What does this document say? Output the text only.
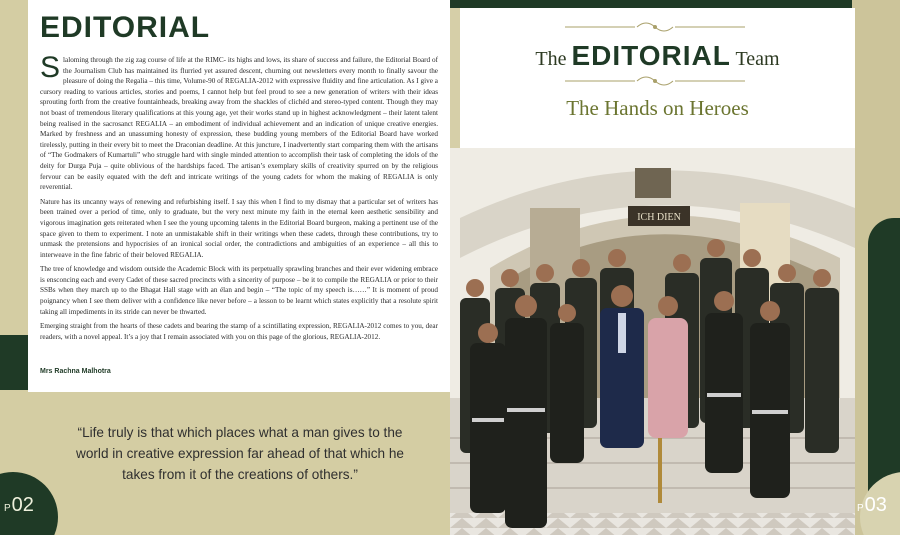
EDITORIAL

Slaloming through the zig zag course of life at the RIMC- its highs and lows, its share of success and failure, the Editorial Board of the Journalism Club has maintained its flurried yet assured descent, churning out newsletters every month to finally savour the pleasure of doing the Regalia – this time, Volume-90 of REGALIA-2012 with expressive fluidity and fine articulation. As I give a cursory reading to various articles, stories and poems, I cannot help but feel proud to see a new generation of writers with their ideas sprouting forth from the creative fountainheads, breaking away from the shackles of clichéd and stereo-typed content. Though they may not boast of tremendous literary qualifications at this young age, yet their works stand up in highest acknowledgment – their latent talent being realised in the sacrosanct REGALIA – an embodiment of individual achievement and an indication of unique creative energies. Marked by freshness and an unassuming honesty of expression, these budding young members of the Editorial Board have worked tirelessly, putting in their every bit to meet the Draconian deadline. At this juncture, I inadvertently start comparing them with the artisans of “The Godmakers of Kumartuli” who struggle hard with single minded attention to accomplish their task of completing the idols of the deity for Durga Puja – quite oblivious of the hardships faced. The artisan’s exemplary skills of creativity spurred on by the religious fervour can be easily equated with the deft and intricate writings of the young cadets for whom the making of REGALIA is only reverential.

Nature has its uncanny ways of renewing and refurbishing itself. I say this when I find to my dismay that a particular set of writers has been trained over a period of time, only to graduate, but the very next minute my faith in the eternal keen aesthetic sensibility and vigorous imagination gets reiterated when I see the young upcoming talents in the Editorial Board burgeon, making a pertinent use of the space given to them to experiment. I note an unmistakable shift in their writings when these cadets, through these contributions, try to unmask the pretensions and hypocrisies of an ironical social order, the contradictions and ambiguities of an experience – all this to interweave in the fine fabric of their beloved REGALIA.

The tree of knowledge and wisdom outside the Academic Block with its perpetually sprawling branches and their ever widening embrace is ensconcing each and every Cadet of these sacred precincts with a sincerity of purpose – be it to compile the REGALIA or prior to their SSBs when they march up to the Bhagat Hall stage with an élan and begin – “The topic of my speech is……” It is moment of proud poignancy when I see them deliver with a confidence like never before – a lesson to be learnt which states explicitly that a resolute spirit taking all impediments in its stride can never be thwarted.

Emerging straight from the hearts of these cadets and bearing the stamp of a scintillating expression, REGALIA-2012 comes to you, dear readers, with a novel appeal. It’s a joy that I remain associated with you on this page of the glorious, REGALIA-2012.

Mrs Rachna Malhotra
“Life truly is that which places what a man gives to the world in creative expression far ahead of that which he takes from it of the creations of others.”
P02	P03
The EDITORIAL Team
The Hands on Heroes
ICH DIEN
